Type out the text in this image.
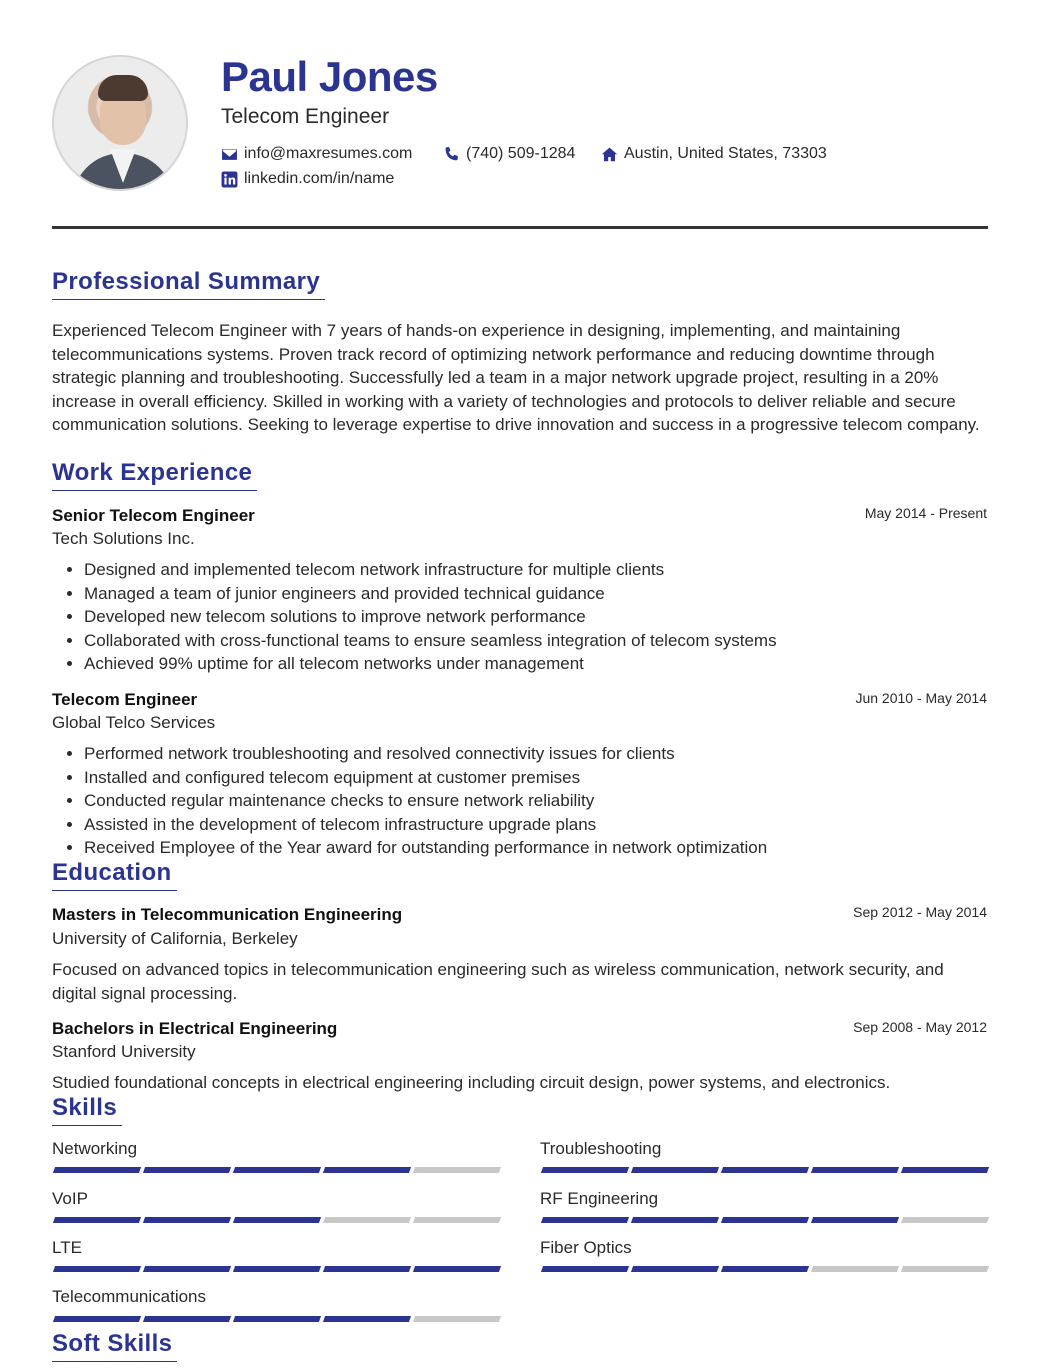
Paul Jones
Telecom Engineer
info@maxresumes.com	(740) 509-1284	Austin, United States, 73303
linkedin.com/in/name
Professional Summary

Experienced Telecom Engineer with 7 years of hands-on experience in designing, implementing, and maintaining telecommunications systems. Proven track record of optimizing network performance and reducing downtime through strategic planning and troubleshooting. Successfully led a team in a major network upgrade project, resulting in a 20% increase in overall efficiency. Skilled in working with a variety of technologies and protocols to deliver reliable and secure communication solutions. Seeking to leverage expertise to drive innovation and success in a progressive telecom company.

Work Experience
Senior Telecom Engineer	May 2014 - Present
Tech Solutions Inc.
• Designed and implemented telecom network infrastructure for multiple clients
• Managed a team of junior engineers and provided technical guidance
• Developed new telecom solutions to improve network performance
• Collaborated with cross-functional teams to ensure seamless integration of telecom systems
• Achieved 99% uptime for all telecom networks under management
Telecom Engineer	Jun 2010 - May 2014
Global Telco Services
• Performed network troubleshooting and resolved connectivity issues for clients
• Installed and configured telecom equipment at customer premises
• Conducted regular maintenance checks to ensure network reliability
• Assisted in the development of telecom infrastructure upgrade plans
• Received Employee of the Year award for outstanding performance in network optimization
Education
Masters in Telecommunication Engineering	Sep 2012 - May 2014
University of California, Berkeley

Focused on advanced topics in telecommunication engineering such as wireless communication, network security, and digital signal processing.

Bachelors in Electrical Engineering	Sep 2008 - May 2012
Stanford University

Studied foundational concepts in electrical engineering including circuit design, power systems, and electronics.

Skills
Networking	Troubleshooting
VoIP	RF Engineering
LTE	Fiber Optics
Telecommunications
Soft Skills
